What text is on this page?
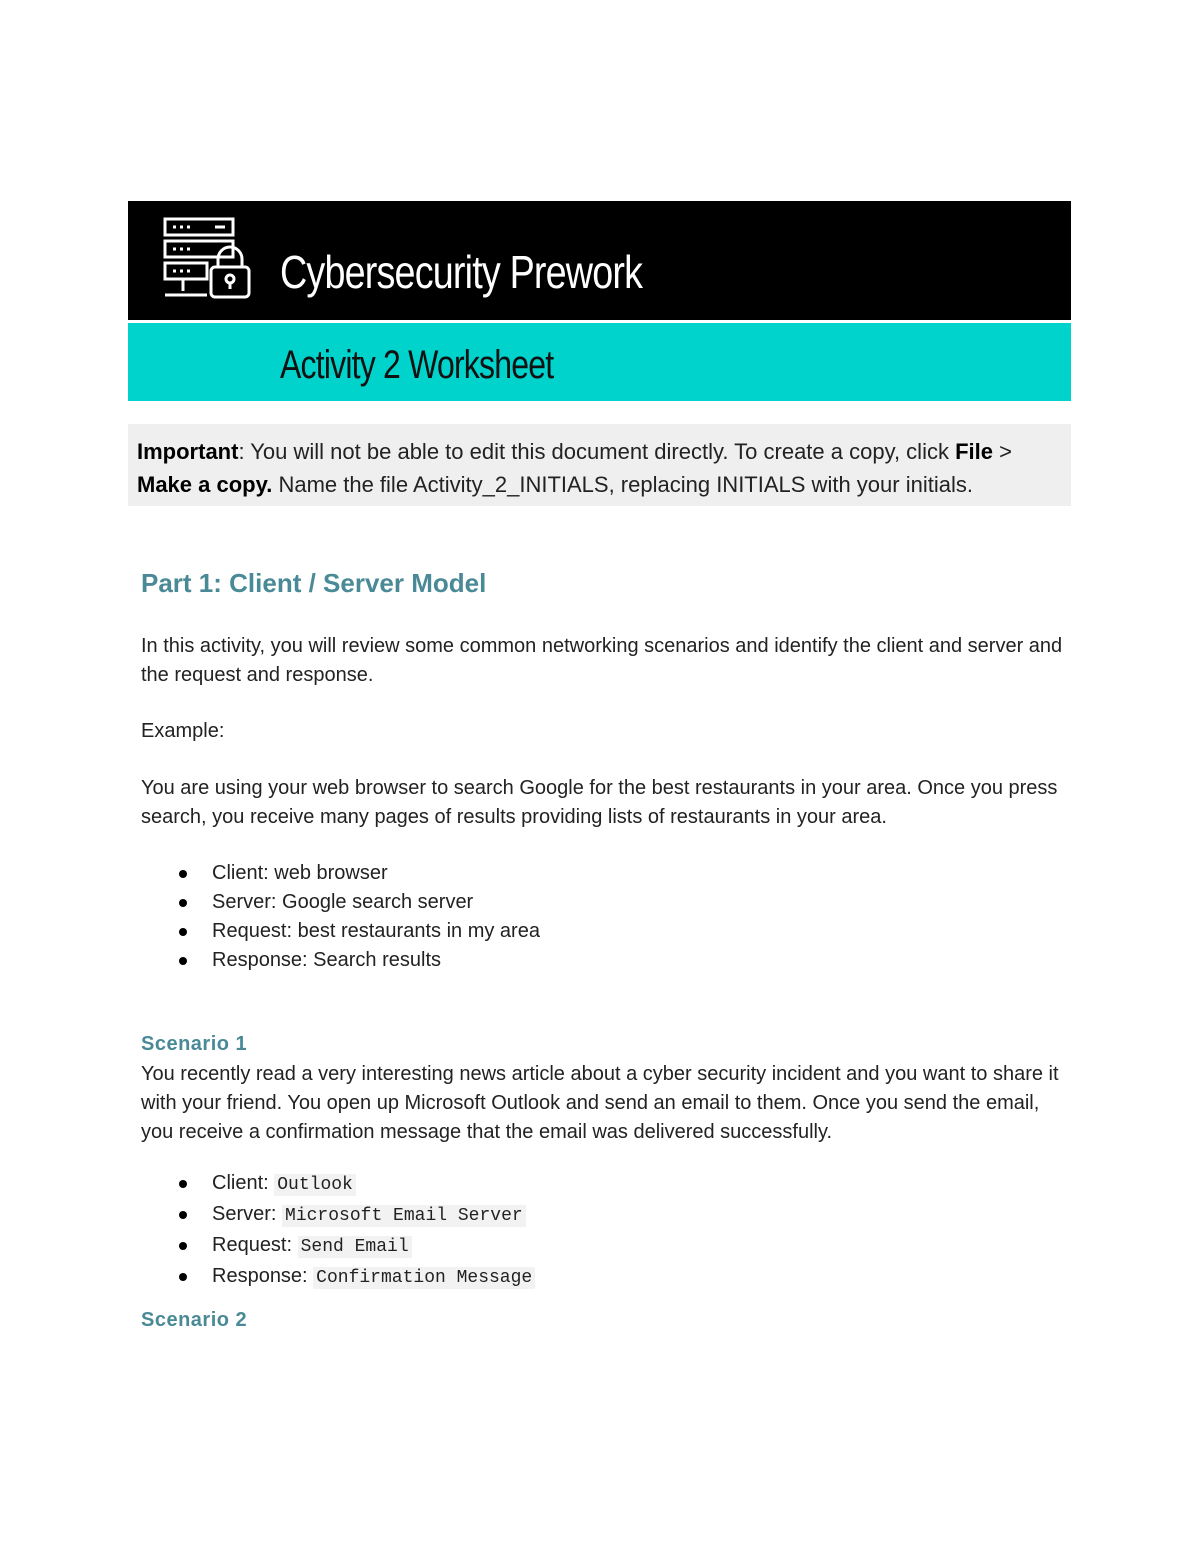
Cybersecurity Prework
Activity 2 Worksheet
Important: You will not be able to edit this document directly. To create a copy, click File > Make a copy. Name the file Activity_2_INITIALS, replacing INITIALS with your initials.
Part 1: Client / Server Model

In this activity, you will review some common networking scenarios and identify the client and server and the request and response.

Example:

You are using your web browser to search Google for the best restaurants in your area. Once you press search, you receive many pages of results providing lists of restaurants in your area.

Client: web browser
Server: Google search server
Request: best restaurants in my area
Response: Search results
Scenario 1

You recently read a very interesting news article about a cyber security incident and you want to share it with your friend. You open up Microsoft Outlook and send an email to them. Once you send the email, you receive a confirmation message that the email was delivered successfully.

Client: Outlook
Server: Microsoft Email Server
Request: Send Email
Response: Confirmation Message
Scenario 2
